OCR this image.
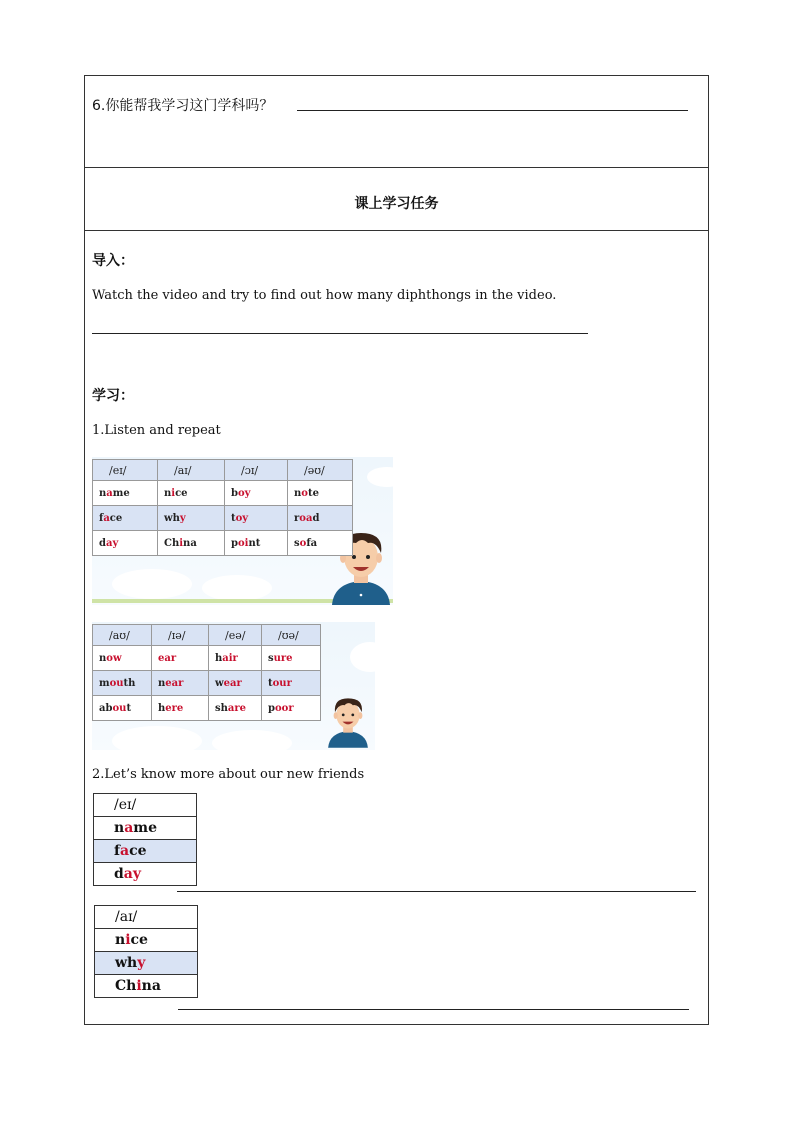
6.你能帮我学习这门学科吗？
课上学习任务
导入：
Watch the video and try to find out how many diphthongs in the video.
学习：
1.Listen and repeat
/eɪ/	/aɪ/	/ɔɪ/	/əʊ/
name	nice	boy	note
face	why	toy	road
day	China	point	sofa
/aʊ/	/ɪə/	/eə/	/ʊə/
now	ear	hair	sure
mouth	near	wear	tour
about	here	share	poor
2.Let’s know more about our new friends
/eɪ/
name
face
day
/aɪ/
nice
why
China
